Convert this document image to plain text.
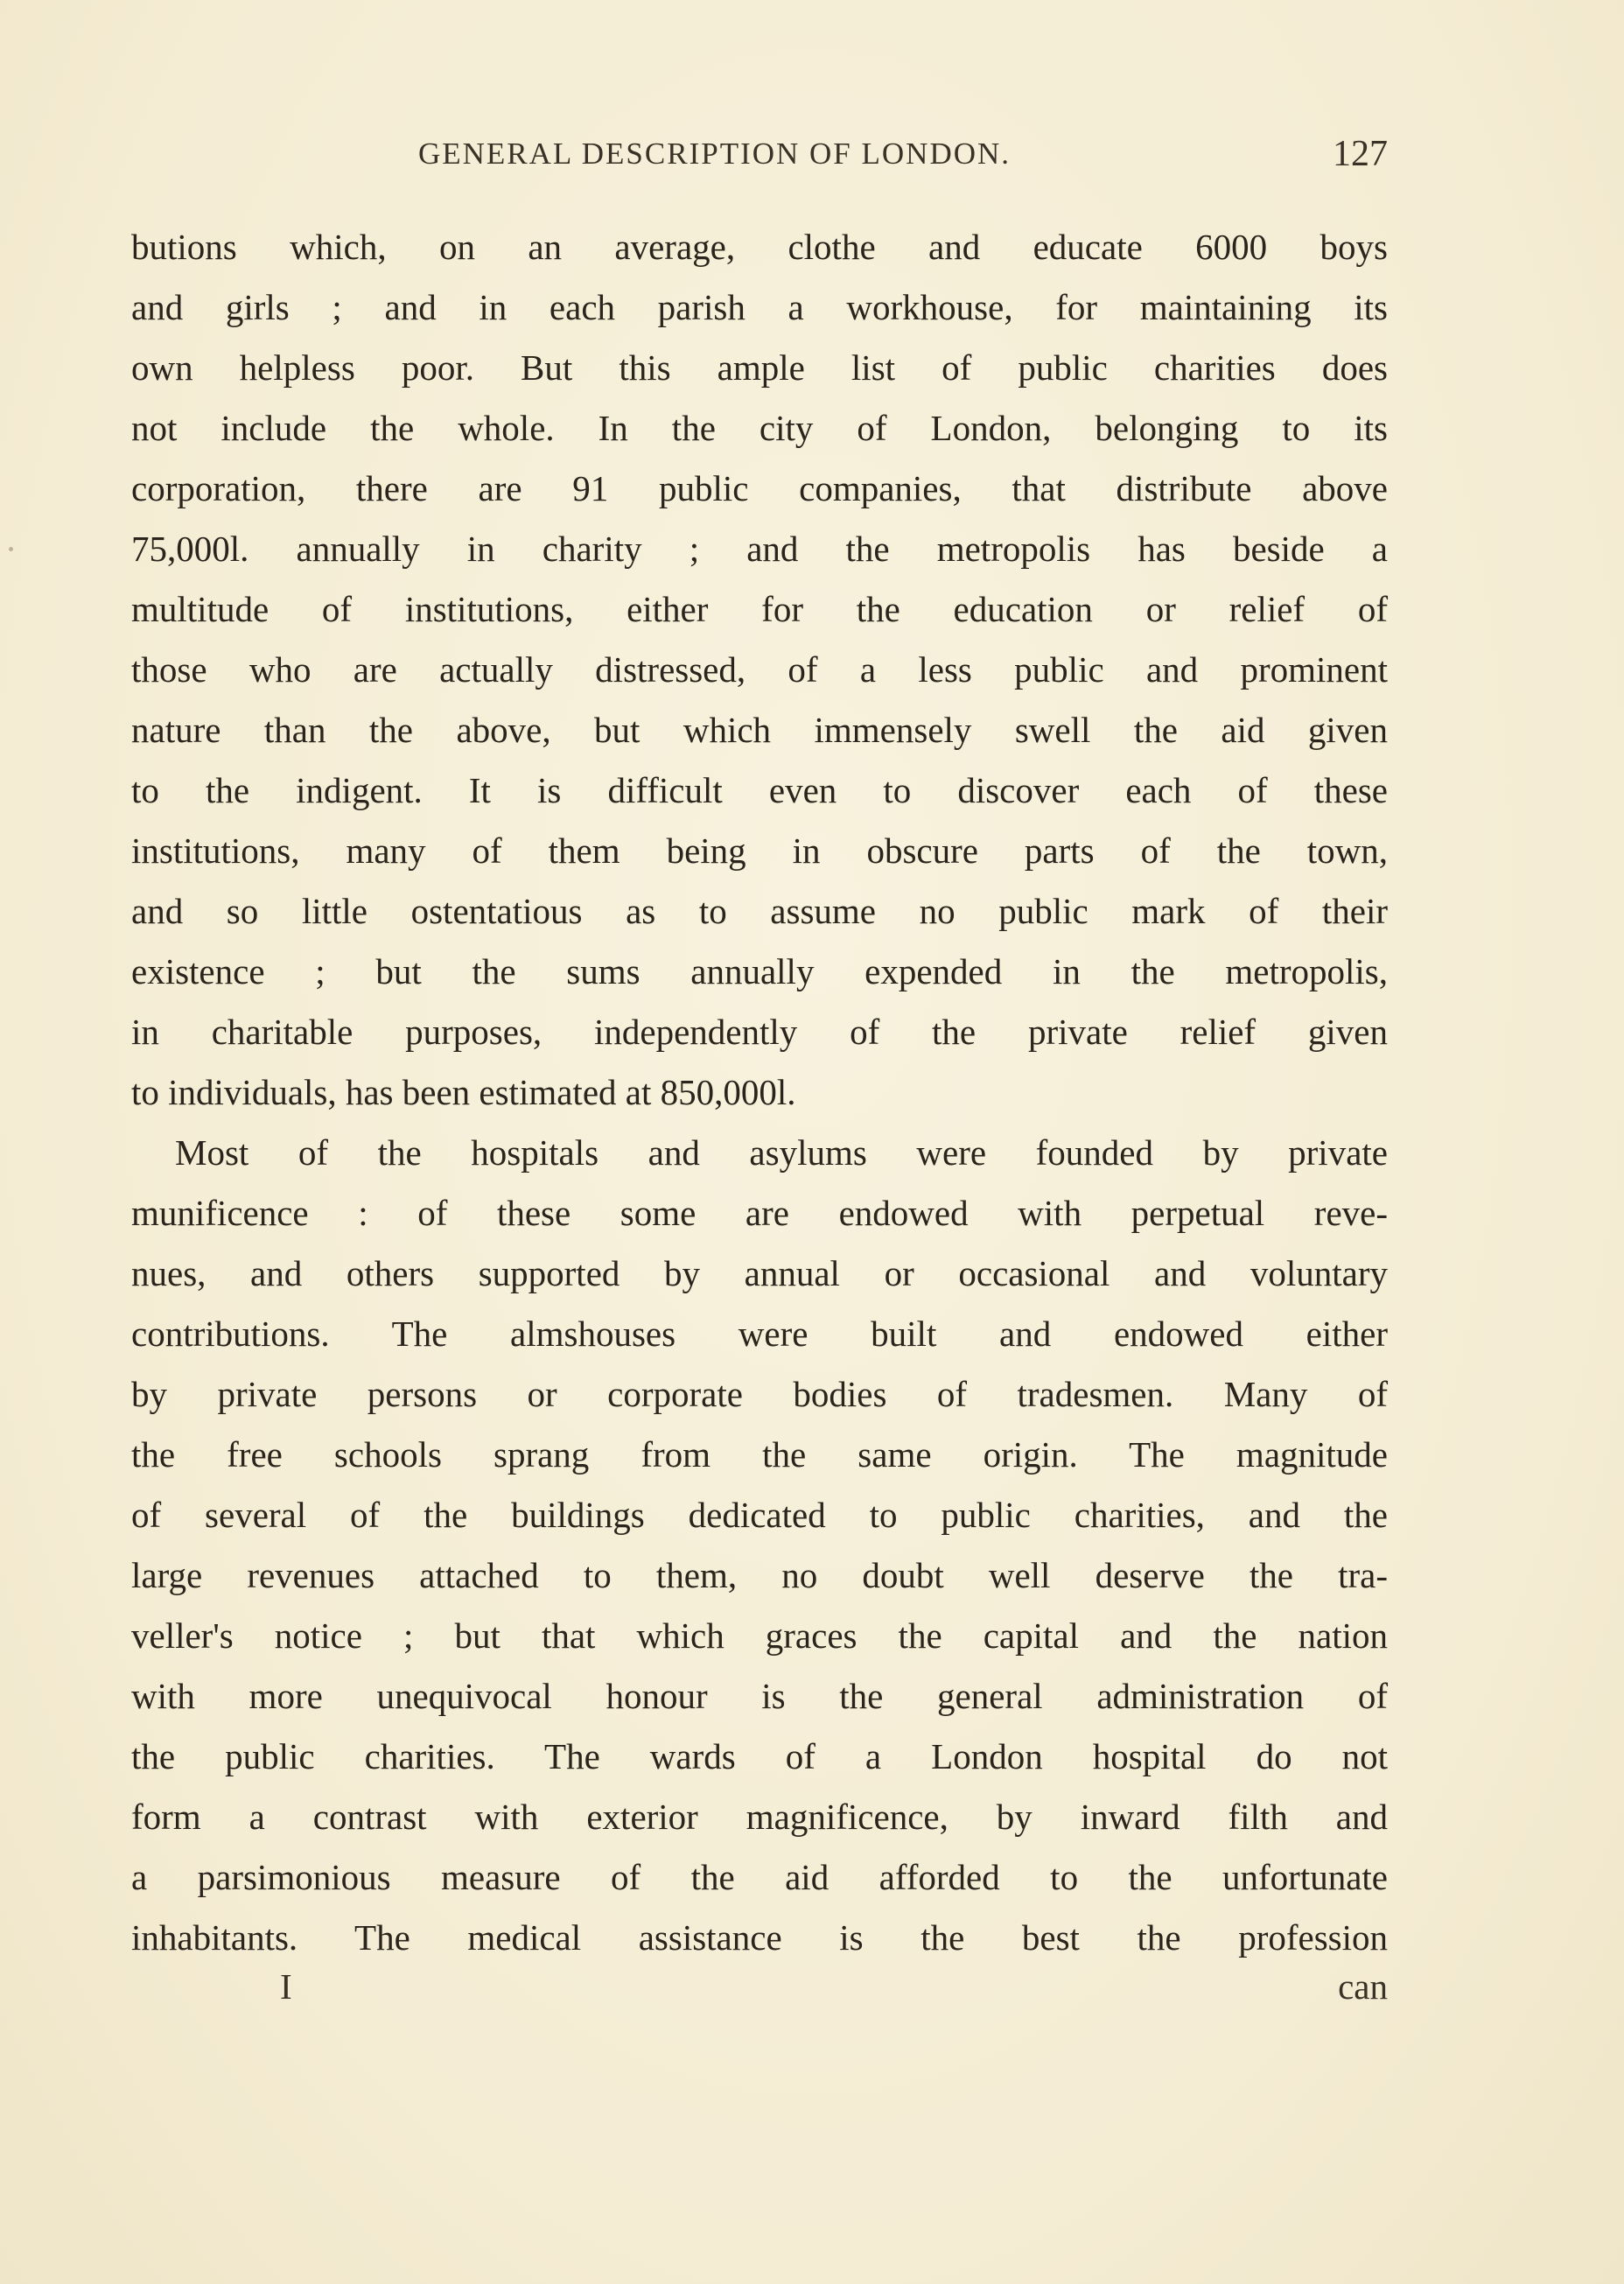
GENERAL DESCRIPTION OF LONDON.	127
butions which, on an average, clothe and educate 6000 boys
and girls ; and in each parish a workhouse, for maintaining its
own helpless poor. But this ample list of public charities does
not include the whole. In the city of London, belonging to its
corporation, there are 91 public companies, that distribute above
75,000l. annually in charity ; and the metropolis has beside a
multitude of institutions, either for the education or relief of
those who are actually distressed, of a less public and prominent
nature than the above, but which immensely swell the aid given
to the indigent. It is difficult even to discover each of these
institutions, many of them being in obscure parts of the town,
and so little ostentatious as to assume no public mark of their
existence ; but the sums annually expended in the metropolis,
in charitable purposes, independently of the private relief given
to individuals, has been estimated at 850,000l.
Most of the hospitals and asylums were founded by private
munificence : of these some are endowed with perpetual reve-
nues, and others supported by annual or occasional and voluntary
contributions. The almshouses were built and endowed either
by private persons or corporate bodies of tradesmen. Many of
the free schools sprang from the same origin. The magnitude
of several of the buildings dedicated to public charities, and the
large revenues attached to them, no doubt well deserve the tra-
veller's notice ; but that which graces the capital and the nation
with more unequivocal honour is the general administration of
the public charities. The wards of a London hospital do not
form a contrast with exterior magnificence, by inward filth and
a parsimonious measure of the aid afforded to the unfortunate
inhabitants. The medical assistance is the best the profession
I	can
